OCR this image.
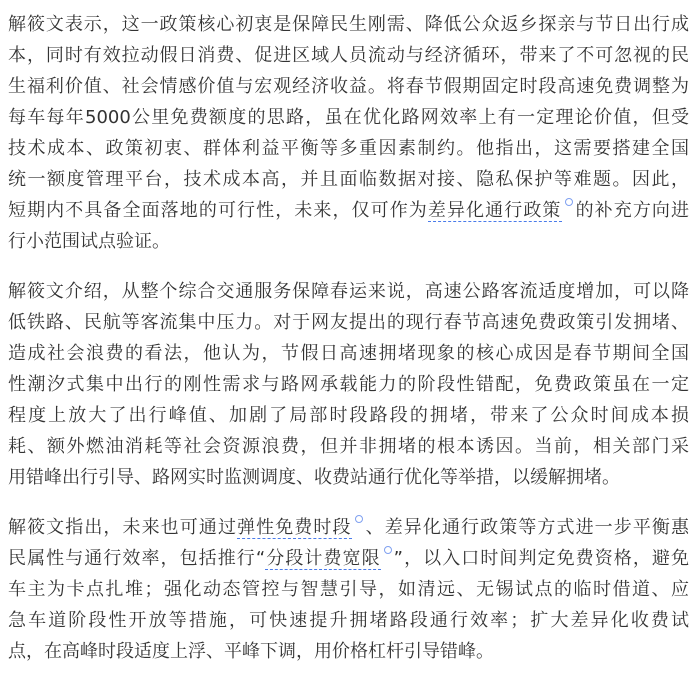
解筱文表示，这一政策核心初衷是保障民生刚需、降低公众返乡探亲与节日出行成
本，同时有效拉动假日消费、促进区域人员流动与经济循环，带来了不可忽视的民
生福利价值、社会情感价值与宏观经济收益。将春节假期固定时段高速免费调整为
每车每年5000公里免费额度的思路，虽在优化路网效率上有一定理论价值，但受
技术成本、政策初衷、群体利益平衡等多重因素制约。他指出，这需要搭建全国
统一额度管理平台，技术成本高，并且面临数据对接、隐私保护等难题。因此，
短期内不具备全面落地的可行性，未来，仅可作为差异化通行政策 的补充方向进
行小范围试点验证。
解筱文介绍，从整个综合交通服务保障春运来说，高速公路客流适度增加，可以降
低铁路、民航等客流集中压力。对于网友提出的现行春节高速免费政策引发拥堵、
造成社会浪费的看法，他认为，节假日高速拥堵现象的核心成因是春节期间全国
性潮汐式集中出行的刚性需求与路网承载能力的阶段性错配，免费政策虽在一定
程度上放大了出行峰值、加剧了局部时段路段的拥堵，带来了公众时间成本损
耗、额外燃油消耗等社会资源浪费，但并非拥堵的根本诱因。当前，相关部门采
用错峰出行引导、路网实时监测调度、收费站通行优化等举措，以缓解拥堵。
解筱文指出，未来也可通过弹性免费时段 、差异化通行政策等方式进一步平衡惠
民属性与通行效率，包括推行“分段计费宽限 ”，以入口时间判定免费资格，避免
车主为卡点扎堆；强化动态管控与智慧引导，如清远、无锡试点的临时借道、应
急车道阶段性开放等措施，可快速提升拥堵路段通行效率；扩大差异化收费试
点，在高峰时段适度上浮、平峰下调，用价格杠杆引导错峰。
